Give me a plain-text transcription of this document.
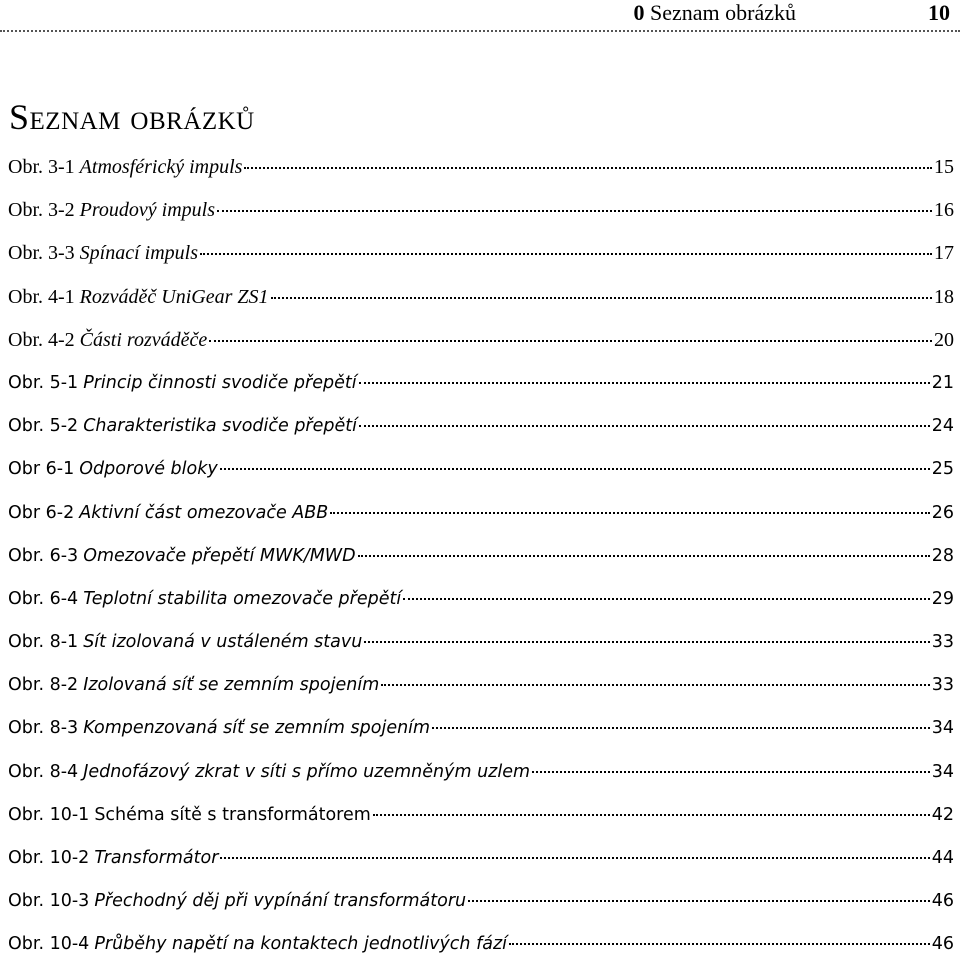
0 Seznam obrázků	10
Seznam obrázků
Obr. 3-1 Atmosférický impuls	15
Obr. 3-2 Proudový impuls	16
Obr. 3-3 Spínací impuls	17
Obr. 4-1 Rozváděč UniGear ZS1	18
Obr. 4-2 Části rozváděče	20
Obr. 5-1 Princip činnosti svodiče přepětí	21
Obr. 5-2 Charakteristika svodiče přepětí	24
Obr 6-1 Odporové bloky	25
Obr 6-2 Aktivní část omezovače ABB	26
Obr. 6-3 Omezovače přepětí MWK/MWD	28
Obr. 6-4 Teplotní stabilita omezovače přepětí	29
Obr. 8-1 Sít izolovaná v ustáleném stavu	33
Obr. 8-2 Izolovaná síť se zemním spojením	33
Obr. 8-3 Kompenzovaná síť se zemním spojením	34
Obr. 8-4 Jednofázový zkrat v síti s přímo uzemněným uzlem	34
Obr. 10-1 Schéma sítě s transformátorem	42
Obr. 10-2 Transformátor	44
Obr. 10-3 Přechodný děj při vypínání transformátoru	46
Obr. 10-4 Průběhy napětí na kontaktech jednotlivých fází	46
